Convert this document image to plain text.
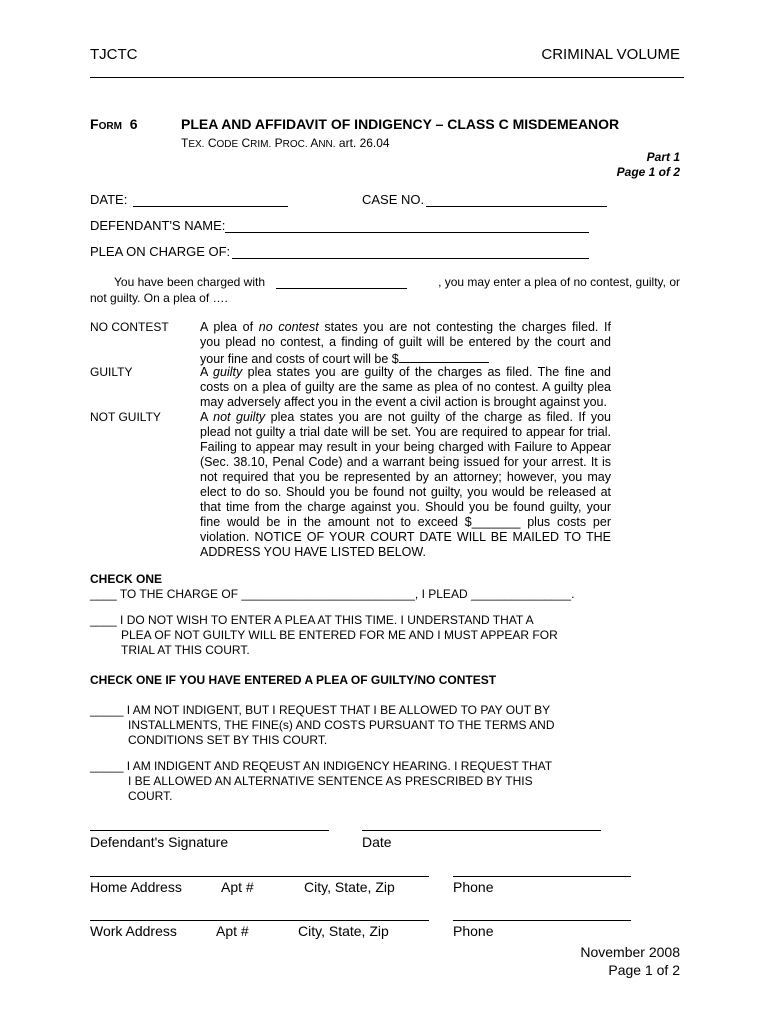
TJCTC	CRIMINAL VOLUME
FORM 6	PLEA AND AFFIDAVIT OF INDIGENCY – CLASS C MISDEMEANOR
TEX. CODE CRIM. PROC. ANN. art. 26.04
Part 1
Page 1 of 2
DATE:	CASE NO.
DEFENDANT'S NAME:
PLEA ON CHARGE OF:
You have been charged with	, you may enter a plea of no contest, guilty, or
not guilty. On a plea of ….
NO CONTEST	A plea of no contest states you are not contesting the charges filed. If
you plead no contest, a finding of guilt will be entered by the court and
your fine and costs of court will be $
GUILTY	A guilty plea states you are guilty of the charges as filed. The fine and
costs on a plea of guilty are the same as plea of no contest. A guilty plea
may adversely affect you in the event a civil action is brought against you.
NOT GUILTY	A not guilty plea states you are not guilty of the charge as filed. If you
plead not guilty a trial date will be set. You are required to appear for trial.
Failing to appear may result in your being charged with Failure to Appear
(Sec. 38.10, Penal Code) and a warrant being issued for your arrest. It is
not required that you be represented by an attorney; however, you may
elect to do so. Should you be found not guilty, you would be released at
that time from the charge against you. Should you be found guilty, your
fine would be in the amount not to exceed $_______ plus costs per
violation. NOTICE OF YOUR COURT DATE WILL BE MAILED TO THE
ADDRESS YOU HAVE LISTED BELOW.
CHECK ONE
____ TO THE CHARGE OF __________________________, I PLEAD _______________.
____ I DO NOT WISH TO ENTER A PLEA AT THIS TIME. I UNDERSTAND THAT A
PLEA OF NOT GUILTY WILL BE ENTERED FOR ME AND I MUST APPEAR FOR
TRIAL AT THIS COURT.
CHECK ONE IF YOU HAVE ENTERED A PLEA OF GUILTY/NO CONTEST
_____ I AM NOT INDIGENT, BUT I REQUEST THAT I BE ALLOWED TO PAY OUT BY
INSTALLMENTS, THE FINE(s) AND COSTS PURSUANT TO THE TERMS AND
CONDITIONS SET BY THIS COURT.
_____ I AM INDIGENT AND REQEUST AN INDIGENCY HEARING. I REQUEST THAT
I BE ALLOWED AN ALTERNATIVE SENTENCE AS PRESCRIBED BY THIS
COURT.
Defendant's Signature	Date
Home Address	Apt #	City, State, Zip	Phone
Work Address	Apt #	City, State, Zip	Phone
November 2008
Page 1 of 2
